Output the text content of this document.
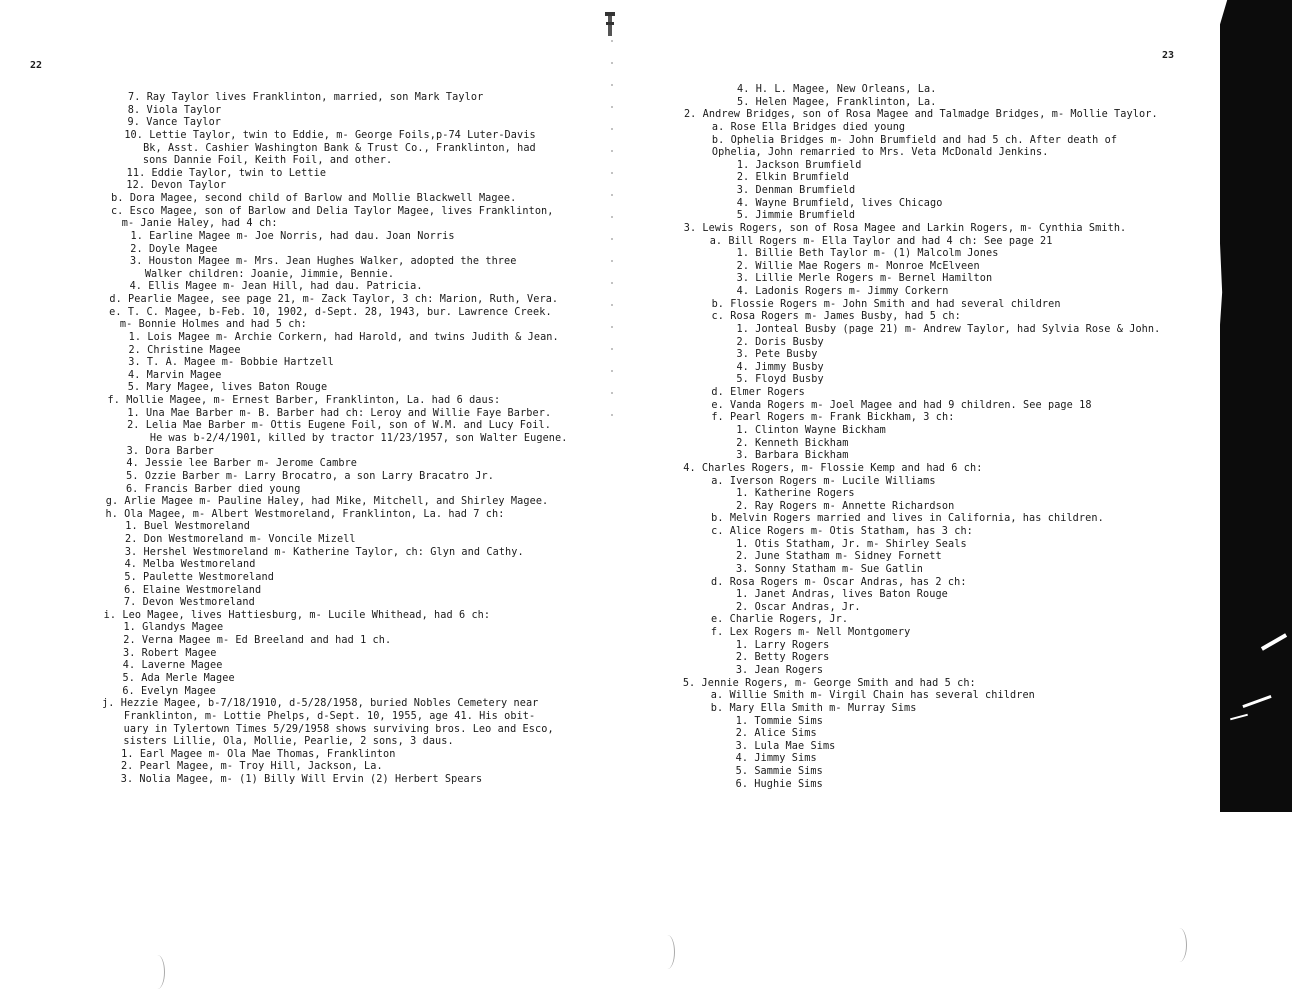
22
7. Ray Taylor lives Franklinton, married, son Mark Taylor
8. Viola Taylor
9. Vance Taylor
10. Lettie Taylor, twin to Eddie, m- George Foils,p-74 Luter-Davis
Bk, Asst. Cashier Washington Bank & Trust Co., Franklinton, had
sons Dannie Foil, Keith Foil, and other.
11. Eddie Taylor, twin to Lettie
12. Devon Taylor
b. Dora Magee, second child of Barlow and Mollie Blackwell Magee.
c. Esco Magee, son of Barlow and Delia Taylor Magee, lives Franklinton,
m- Janie Haley, had 4 ch:
1. Earline Magee m- Joe Norris, had dau. Joan Norris
2. Doyle Magee
3. Houston Magee m- Mrs. Jean Hughes Walker, adopted the three
Walker children: Joanie, Jimmie, Bennie.
4. Ellis Magee m- Jean Hill, had dau. Patricia.
d. Pearlie Magee, see page 21, m- Zack Taylor, 3 ch: Marion, Ruth, Vera.
e. T. C. Magee, b-Feb. 10, 1902, d-Sept. 28, 1943, bur. Lawrence Creek.
m- Bonnie Holmes and had 5 ch:
1. Lois Magee m- Archie Corkern, had Harold, and twins Judith & Jean.
2. Christine Magee
3. T. A. Magee m- Bobbie Hartzell
4. Marvin Magee
5. Mary Magee, lives Baton Rouge
f. Mollie Magee, m- Ernest Barber, Franklinton, La. had 6 daus:
1. Una Mae Barber m- B. Barber had ch: Leroy and Willie Faye Barber.
2. Lelia Mae Barber m- Ottis Eugene Foil, son of W.M. and Lucy Foil.
He was b-2/4/1901, killed by tractor 11/23/1957, son Walter Eugene.
3. Dora Barber
4. Jessie lee Barber m- Jerome Cambre
5. Ozzie Barber m- Larry Brocatro, a son Larry Bracatro Jr.
6. Francis Barber died young
g. Arlie Magee m- Pauline Haley, had Mike, Mitchell, and Shirley Magee.
h. Ola Magee, m- Albert Westmoreland, Franklinton, La. had 7 ch:
1. Buel Westmoreland
2. Don Westmoreland m- Voncile Mizell
3. Hershel Westmoreland m- Katherine Taylor, ch: Glyn and Cathy.
4. Melba Westmoreland
5. Paulette Westmoreland
6. Elaine Westmoreland
7. Devon Westmoreland
i. Leo Magee, lives Hattiesburg, m- Lucile Whithead, had 6 ch:
1. Glandys Magee
2. Verna Magee m- Ed Breeland and had 1 ch.
3. Robert Magee
4. Laverne Magee
5. Ada Merle Magee
6. Evelyn Magee
j. Hezzie Magee, b-7/18/1910, d-5/28/1958, buried Nobles Cemetery near
Franklinton, m- Lottie Phelps, d-Sept. 10, 1955, age 41. His obit-
uary in Tylertown Times 5/29/1958 shows surviving bros. Leo and Esco,
sisters Lillie, Ola, Mollie, Pearlie, 2 sons, 3 daus.
1. Earl Magee m- Ola Mae Thomas, Franklinton
2. Pearl Magee, m- Troy Hill, Jackson, La.
3. Nolia Magee, m- (1) Billy Will Ervin (2) Herbert Spears
23
4. H. L. Magee, New Orleans, La.
5. Helen Magee, Franklinton, La.
2. Andrew Bridges, son of Rosa Magee and Talmadge Bridges, m- Mollie Taylor.
a. Rose Ella Bridges died young
b. Ophelia Bridges m- John Brumfield and had 5 ch. After death of
Ophelia, John remarried to Mrs. Veta McDonald Jenkins.
1. Jackson Brumfield
2. Elkin Brumfield
3. Denman Brumfield
4. Wayne Brumfield, lives Chicago
5. Jimmie Brumfield
3. Lewis Rogers, son of Rosa Magee and Larkin Rogers, m- Cynthia Smith.
a. Bill Rogers m- Ella Taylor and had 4 ch: See page 21
1. Billie Beth Taylor m- (1) Malcolm Jones
2. Willie Mae Rogers m- Monroe McElveen
3. Lillie Merle Rogers m- Bernel Hamilton
4. Ladonis Rogers m- Jimmy Corkern
b. Flossie Rogers m- John Smith and had several children
c. Rosa Rogers m- James Busby, had 5 ch:
1. Jonteal Busby (page 21) m- Andrew Taylor, had Sylvia Rose & John.
2. Doris Busby
3. Pete Busby
4. Jimmy Busby
5. Floyd Busby
d. Elmer Rogers
e. Vanda Rogers m- Joel Magee and had 9 children. See page 18
f. Pearl Rogers m- Frank Bickham, 3 ch:
1. Clinton Wayne Bickham
2. Kenneth Bickham
3. Barbara Bickham
4. Charles Rogers, m- Flossie Kemp and had 6 ch:
a. Iverson Rogers m- Lucile Williams
1. Katherine Rogers
2. Ray Rogers m- Annette Richardson
b. Melvin Rogers married and lives in California, has children.
c. Alice Rogers m- Otis Statham, has 3 ch:
1. Otis Statham, Jr. m- Shirley Seals
2. June Statham m- Sidney Fornett
3. Sonny Statham m- Sue Gatlin
d. Rosa Rogers m- Oscar Andras, has 2 ch:
1. Janet Andras, lives Baton Rouge
2. Oscar Andras, Jr.
e. Charlie Rogers, Jr.
f. Lex Rogers m- Nell Montgomery
1. Larry Rogers
2. Betty Rogers
3. Jean Rogers
5. Jennie Rogers, m- George Smith and had 5 ch:
a. Willie Smith m- Virgil Chain has several children
b. Mary Ella Smith m- Murray Sims
1. Tommie Sims
2. Alice Sims
3. Lula Mae Sims
4. Jimmy Sims
5. Sammie Sims
6. Hughie Sims
